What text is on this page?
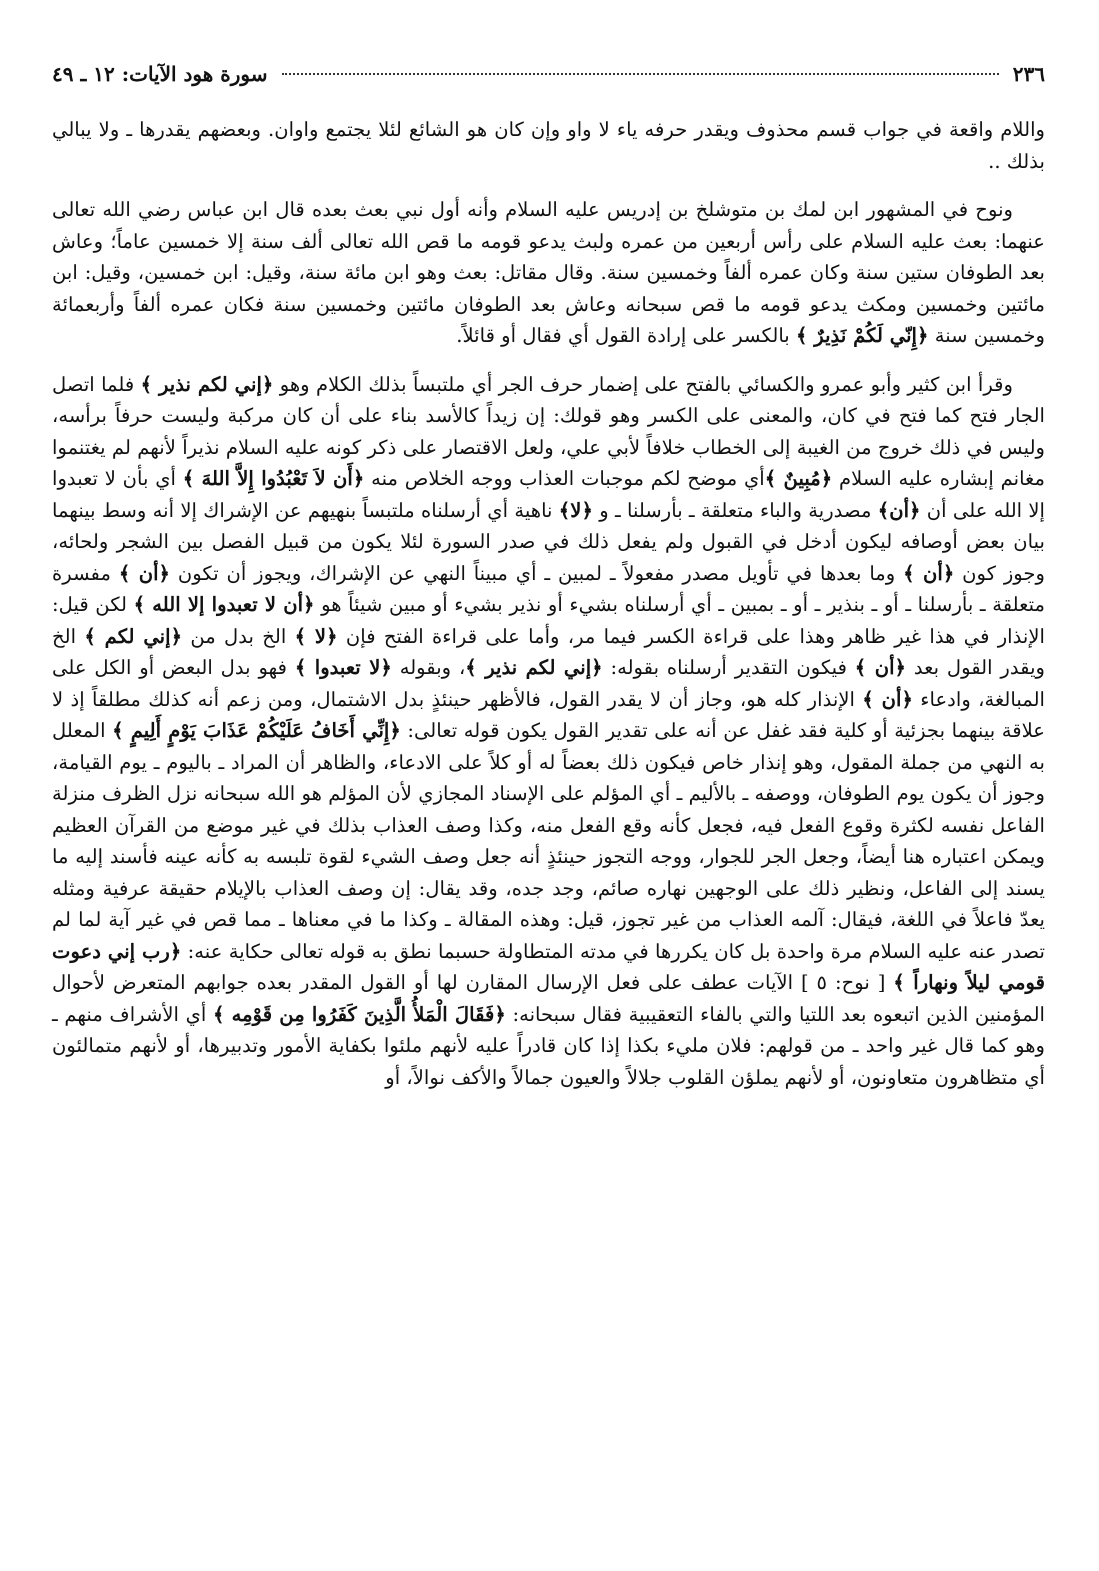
٢٣٦
سورة هود الآيات: ١٢ ـ ٤٩

واللام واقعة في جواب قسم محذوف ويقدر حرفه ياء لا واو وإن كان هو الشائع لئلا يجتمع واوان. وبعضهم يقدرها ـ ولا يبالي بذلك ..

ونوح في المشهور ابن لمك بن متوشلخ بن إدريس عليه السلام وأنه أول نبي بعث بعده قال ابن عباس رضي الله تعالى عنهما: بعث عليه السلام على رأس أربعين من عمره ولبث يدعو قومه ما قص الله تعالى ألف سنة إلا خمسين عاماً؛ وعاش بعد الطوفان ستين سنة وكان عمره ألفاً وخمسين سنة. وقال مقاتل: بعث وهو ابن مائة سنة، وقيل: ابن خمسين، وقيل: ابن مائتين وخمسين ومكث يدعو قومه ما قص سبحانه وعاش بعد الطوفان مائتين وخمسين سنة فكان عمره ألفاً وأربعمائة وخمسين سنة ﴿إِنّي لَكُمْ نَذِيرٌ ﴾ بالكسر على إرادة القول أي فقال أو قائلاً.

وقرأ ابن كثير وأبو عمرو والكسائي بالفتح على إضمار حرف الجر أي ملتبساً بذلك الكلام وهو ﴿إني لكم نذير ﴾ فلما اتصل الجار فتح كما فتح في كان، والمعنى على الكسر وهو قولك: إن زيداً كالأسد بناء على أن كان مركبة وليست حرفاً برأسه، وليس في ذلك خروج من الغيبة إلى الخطاب خلافاً لأبي علي، ولعل الاقتصار على ذكر كونه عليه السلام نذيراً لأنهم لم يغتنموا مغانم إبشاره عليه السلام ﴿مُبِينٌ ﴾أي موضح لكم موجبات العذاب ووجه الخلاص منه ﴿أَن لاَ تَعْبُدُوا إِلاَّ اللهَ ﴾ أي بأن لا تعبدوا إلا الله على أن ﴿أن﴾ مصدرية والباء متعلقة ـ بأرسلنا ـ و ﴿لا﴾ ناهية أي أرسلناه ملتبساً بنهيهم عن الإشراك إلا أنه وسط بينهما بيان بعض أوصافه ليكون أدخل في القبول ولم يفعل ذلك في صدر السورة لئلا يكون من قبيل الفصل بين الشجر ولحائه، وجوز كون ﴿أن ﴾ وما بعدها في تأويل مصدر مفعولاً ـ لمبين ـ أي مبيناً النهي عن الإشراك، ويجوز أن تكون ﴿أن ﴾ مفسرة متعلقة ـ بأرسلنا ـ أو ـ بنذير ـ أو ـ بمبين ـ أي أرسلناه بشيء أو نذير بشيء أو مبين شيئاً هو ﴿أن لا تعبدوا إلا الله ﴾ لكن قيل: الإنذار في هذا غير ظاهر وهذا على قراءة الكسر فيما مر، وأما على قراءة الفتح فإن ﴿لا ﴾ الخ بدل من ﴿إني لكم ﴾ الخ ويقدر القول بعد ﴿أن ﴾ فيكون التقدير أرسلناه بقوله: ﴿إني لكم نذير ﴾، وبقوله ﴿لا تعبدوا ﴾ فهو بدل البعض أو الكل على المبالغة، وادعاء ﴿أن ﴾ الإنذار كله هو، وجاز أن لا يقدر القول، فالأظهر حينئذٍ بدل الاشتمال، ومن زعم أنه كذلك مطلقاً إذ لا علاقة بينهما بجزئية أو كلية فقد غفل عن أنه على تقدير القول يكون قوله تعالى: ﴿إِنِّي أَخَافُ عَلَيْكُمْ عَذَابَ يَوْمٍ أَلِيمٍ ﴾ المعلل به النهي من جملة المقول، وهو إنذار خاص فيكون ذلك بعضاً له أو كلاً على الادعاء، والظاهر أن المراد ـ باليوم ـ يوم القيامة، وجوز أن يكون يوم الطوفان، ووصفه ـ بالأليم ـ أي المؤلم على الإسناد المجازي لأن المؤلم هو الله سبحانه نزل الظرف منزلة الفاعل نفسه لكثرة وقوع الفعل فيه، فجعل كأنه وقع الفعل منه، وكذا وصف العذاب بذلك في غير موضع من القرآن العظيم ويمكن اعتباره هنا أيضاً، وجعل الجر للجوار، ووجه التجوز حينئذٍ أنه جعل وصف الشيء لقوة تلبسه به كأنه عينه فأسند إليه ما يسند إلى الفاعل، ونظير ذلك على الوجهين نهاره صائم، وجد جده، وقد يقال: إن وصف العذاب بالإيلام حقيقة عرفية ومثله يعدّ فاعلاً في اللغة، فيقال: آلمه العذاب من غير تجوز، قيل: وهذه المقالة ـ وكذا ما في معناها ـ مما قص في غير آية لما لم تصدر عنه عليه السلام مرة واحدة بل كان يكررها في مدته المتطاولة حسبما نطق به قوله تعالى حكاية عنه: ﴿رب إني دعوت قومي ليلاً ونهاراً ﴾ [ نوح: ٥ ] الآيات عطف على فعل الإرسال المقارن لها أو القول المقدر بعده جوابهم المتعرض لأحوال المؤمنين الذين اتبعوه بعد اللتيا والتي بالفاء التعقيبية فقال سبحانه: ﴿فَقَالَ الْمَلأُ الَّذِينَ كَفَرُوا مِن قَوْمِه ﴾ أي الأشراف منهم ـ وهو كما قال غير واحد ـ من قولهم: فلان مليء بكذا إذا كان قادراً عليه لأنهم ملئوا بكفاية الأمور وتدبيرها، أو لأنهم متمالئون أي متظاهرون متعاونون، أو لأنهم يملؤن القلوب جلالاً والعيون جمالاً والأكف نوالاً، أو
